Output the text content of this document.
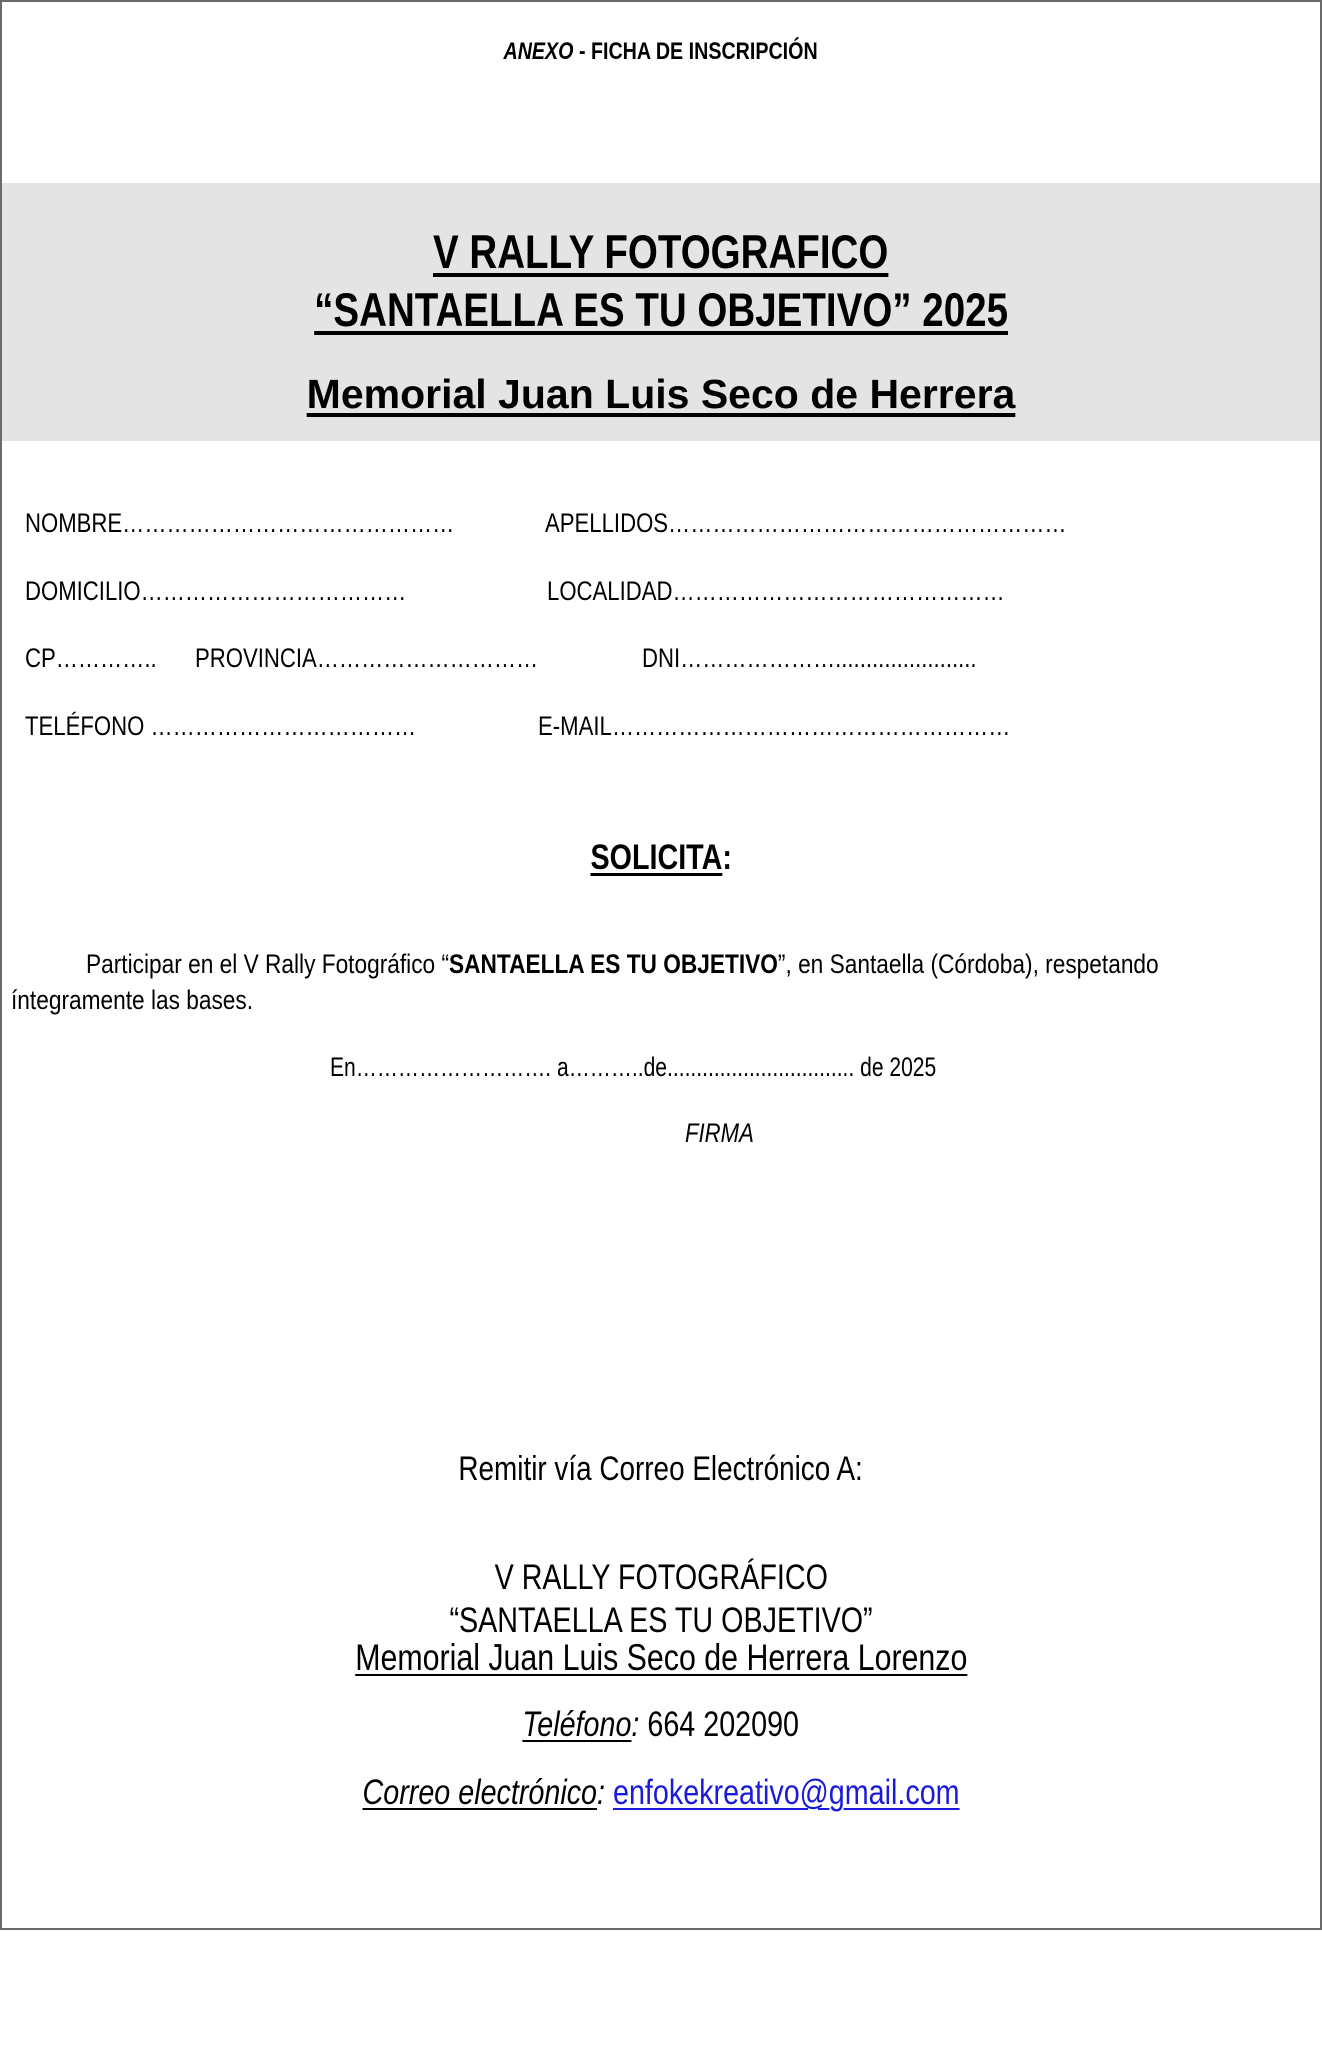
ANEXO - FICHA DE INSCRIPCIÓN
V RALLY FOTOGRAFICO
“SANTAELLA ES TU OBJETIVO” 2025
Memorial Juan Luis Seco de Herrera
NOMBRE………………………………………	APELLIDOS………………………………………………
DOMICILIO………………………………	LOCALIDAD………………………………………
CP…………..	PROVINCIA…………………………	DNI………………….......................
TELÉFONO ………………………………	E-MAIL………………………………………………
SOLICITA:
Participar en el V Rally Fotográfico “SANTAELLA ES TU OBJETIVO”, en Santaella (Córdoba), respetando
íntegramente las bases.
En………………………. a………..de................................ de 2025
FIRMA
Remitir vía Correo Electrónico A:
V RALLY FOTOGRÁFICO
“SANTAELLA ES TU OBJETIVO”
Memorial Juan Luis Seco de Herrera Lorenzo
Teléfono: 664 202090
Correo electrónico: enfokekreativo@gmail.com
